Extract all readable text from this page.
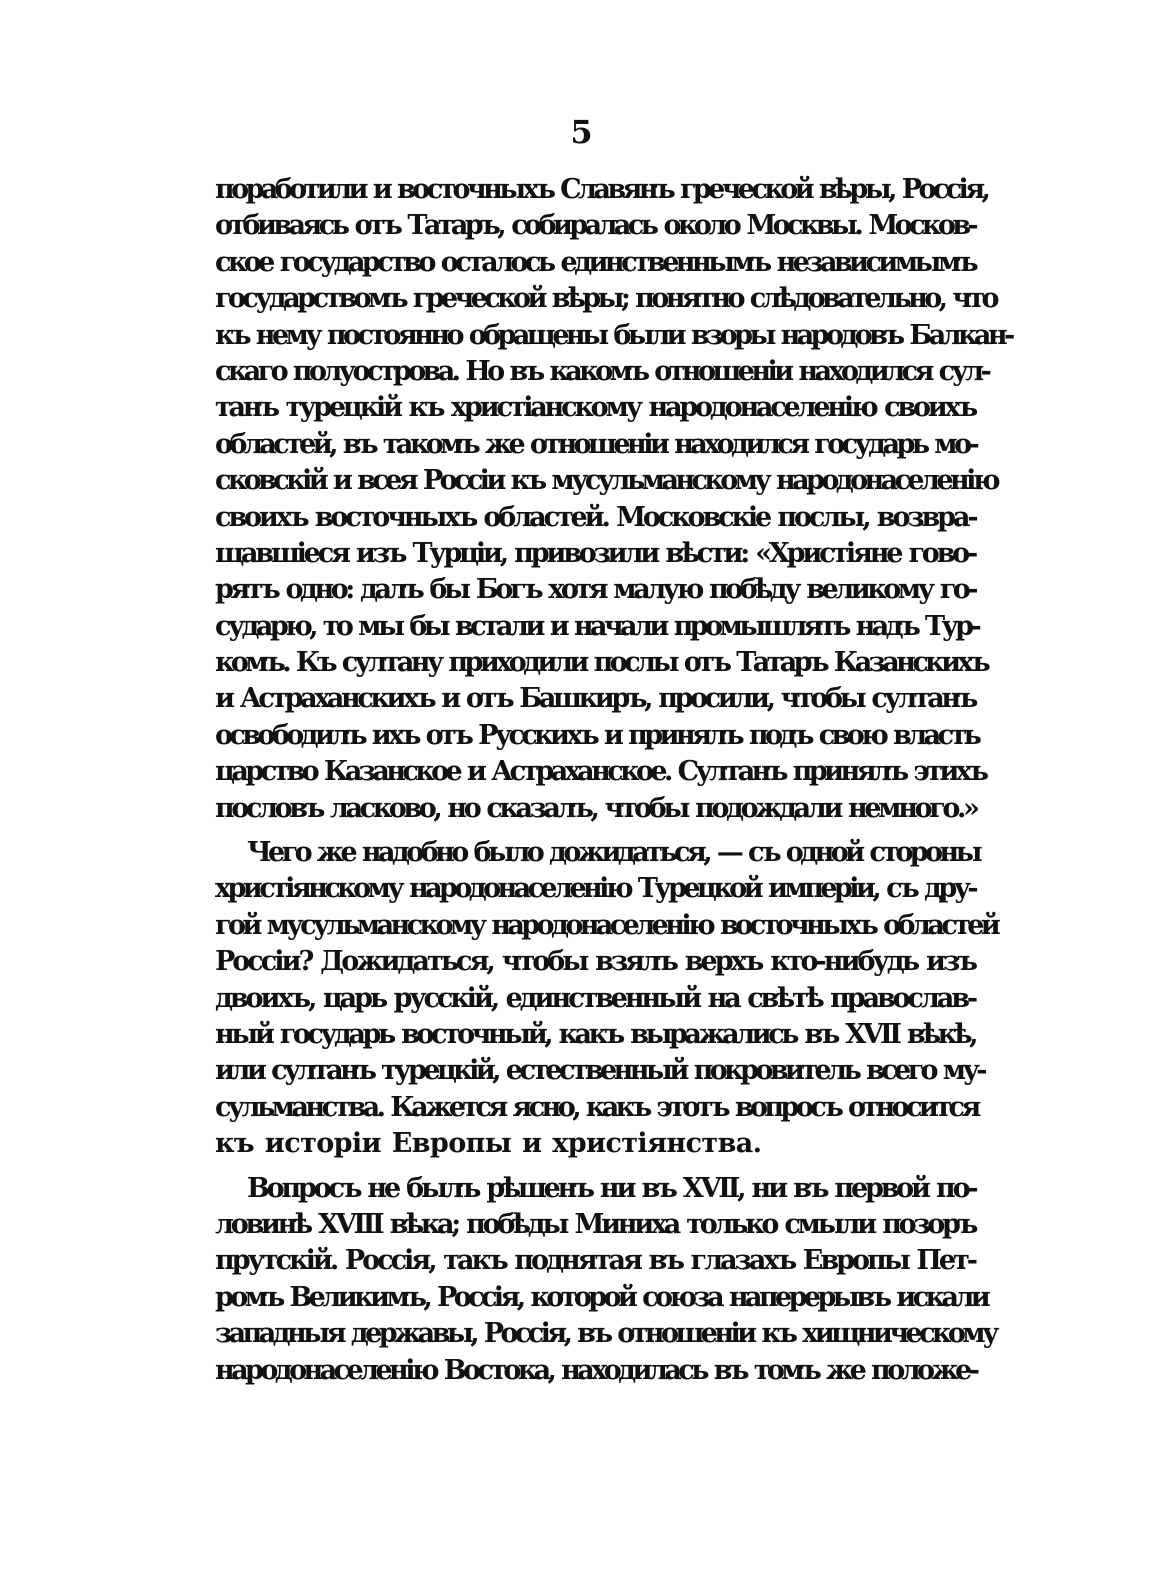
5
поработили и восточныхъ Славянъ греческой вѣры, Россія,
отбиваясь отъ Татаръ, собиралась около Москвы. Москов-
ское государство осталось единственнымъ независимымъ
государствомъ греческой вѣры; понятно слѣдовательно, что
къ нему постоянно обращены были взоры народовъ Балкан-
скаго полуострова. Но въ какомъ отношеніи находился сул-
танъ турецкій къ христіанскому народонаселенію своихъ
областей, въ такомъ же отношеніи находился государь мо-
сковскій и всея Россіи къ мусульманскому народонаселенію
своихъ восточныхъ областей. Московскіе послы, возвра-
щавшіеся изъ Турціи, привозили вѣсти: «Христіяне гово-
рятъ одно: далъ бы Богъ хотя малую побѣду великому го-
сударю, то мы бы встали и начали промышлять надъ Тур-
комъ. Къ султану приходили послы отъ Татаръ Казанскихъ
и Астраханскихъ и отъ Башкиръ, просили, чтобы султанъ
освободилъ ихъ отъ Русскихъ и принялъ подъ свою власть
царство Казанское и Астраханское. Султанъ принялъ этихъ
пословъ ласково, но сказалъ, чтобы подождали немного.»
Чего же надобно было дожидаться, — съ одной стороны
христіянскому народонаселенію Турецкой имперіи, съ дру-
гой мусульманскому народонаселенію восточныхъ областей
Россіи? Дожидаться, чтобы взялъ верхъ кто-нибудь изъ
двоихъ, царь русскій, единственный на свѣтѣ православ-
ный государь восточный, какъ выражались въ XVII вѣкѣ,
или султанъ турецкій, естественный покровитель всего му-
сульманства. Кажется ясно, какъ этотъ вопросъ относится
къ исторіи Европы и христіянства.
Вопросъ не былъ рѣшенъ ни въ XVII, ни въ первой по-
ловинѣ XVIII вѣка; побѣды Миниха только смыли позоръ
прутскій. Россія, такъ поднятая въ глазахъ Европы Пет-
ромъ Великимъ, Россія, которой союза наперерывъ искали
западныя державы, Россія, въ отношеніи къ хищническому
народонаселенію Востока, находилась въ томъ же положе-
